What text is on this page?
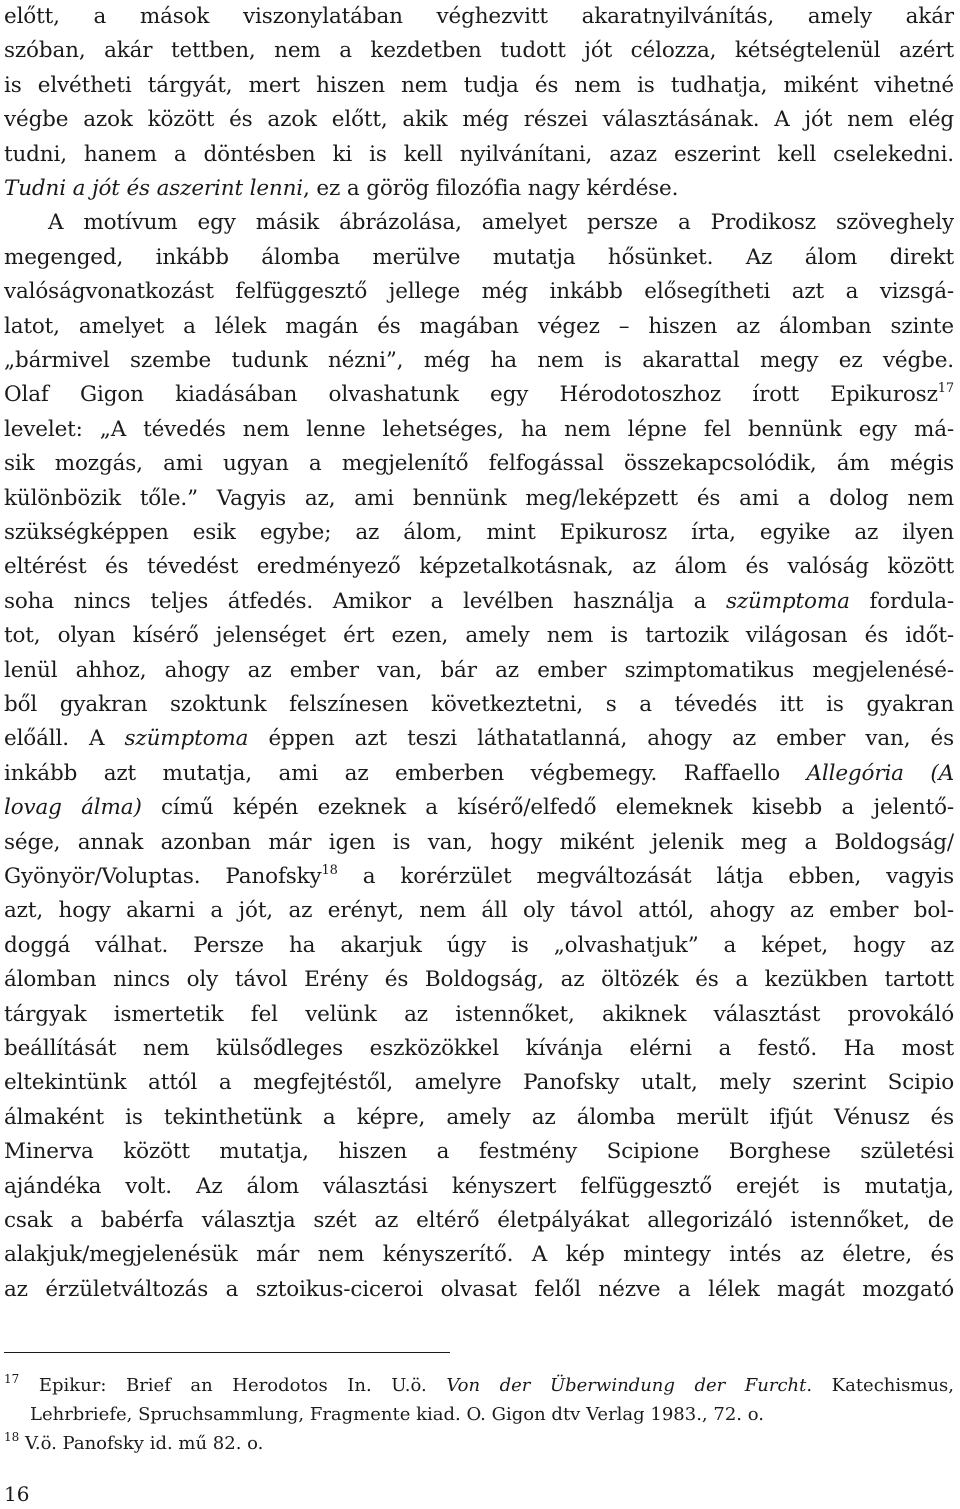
előtt, a mások viszonylatában véghezvitt akaratnyilvánítás, amely akár
szóban, akár tettben, nem a kezdetben tudott jót célozza, kétségtelenül azért
is elvétheti tárgyát, mert hiszen nem tudja és nem is tudhatja, miként vihetné
végbe azok között és azok előtt, akik még részei választásának. A jót nem elég
tudni, hanem a döntésben ki is kell nyilvánítani, azaz eszerint kell cselekedni.
Tudni a jót és aszerint lenni, ez a görög filozófia nagy kérdése.
A motívum egy másik ábrázolása, amelyet persze a Prodikosz szöveghely
megenged, inkább álomba merülve mutatja hősünket. Az álom direkt
valóságvonatkozást felfüggesztő jellege még inkább elősegítheti azt a vizsgá-
latot, amelyet a lélek magán és magában végez – hiszen az álomban szinte
„bármivel szembe tudunk nézni”, még ha nem is akarattal megy ez végbe.
Olaf Gigon kiadásában olvashatunk egy Hérodotoszhoz írott Epikurosz$^{17}$
levelet: „A tévedés nem lenne lehetséges, ha nem lépne fel bennünk egy má-
sik mozgás, ami ugyan a megjelenítő felfogással összekapcsolódik, ám mégis
különbözik tőle.” Vagyis az, ami bennünk meg/leképzett és ami a dolog nem
szükségképpen esik egybe; az álom, mint Epikurosz írta, egyike az ilyen
eltérést és tévedést eredményező képzetalkotásnak, az álom és valóság között
soha nincs teljes átfedés. Amikor a levélben használja a szümptoma fordula-
tot, olyan kísérő jelenséget ért ezen, amely nem is tartozik világosan és időt-
lenül ahhoz, ahogy az ember van, bár az ember szimptomatikus megjelenésé-
ből gyakran szoktunk felszínesen következtetni, s a tévedés itt is gyakran
előáll. A szümptoma éppen azt teszi láthatatlanná, ahogy az ember van, és
inkább azt mutatja, ami az emberben végbemegy. Raffaello Allegória (A
lovag álma) című képén ezeknek a kísérő/elfedő elemeknek kisebb a jelentő-
sége, annak azonban már igen is van, hogy miként jelenik meg a Boldogság/
Gyönyör/Voluptas. Panofsky$^{18}$ a korérzület megváltozását látja ebben, vagyis
azt, hogy akarni a jót, az erényt, nem áll oly távol attól, ahogy az ember bol-
doggá válhat. Persze ha akarjuk úgy is „olvashatjuk” a képet, hogy az
álomban nincs oly távol Erény és Boldogság, az öltözék és a kezükben tartott
tárgyak ismertetik fel velünk az istennőket, akiknek választást provokáló
beállítását nem külsődleges eszközökkel kívánja elérni a festő. Ha most
eltekintünk attól a megfejtéstől, amelyre Panofsky utalt, mely szerint Scipio
álmaként is tekinthetünk a képre, amely az álomba merült ifjút Vénusz és
Minerva között mutatja, hiszen a festmény Scipione Borghese születési
ajándéka volt. Az álom választási kényszert felfüggesztő erejét is mutatja,
csak a babérfa választja szét az eltérő életpályákat allegorizáló istennőket, de
alakjuk/megjelenésük már nem kényszerítő. A kép mintegy intés az életre, és
az érzületváltozás a sztoikus-ciceroi olvasat felől nézve a lélek magát mozgató
$^{17}$ Epikur: Brief an Herodotos In. U.ö. Von der Überwindung der Furcht. Katechismus,
Lehrbriefe, Spruchsammlung, Fragmente kiad. O. Gigon dtv Verlag 1983., 72. o.
$^{18}$ V.ö. Panofsky id. mű 82. o.
16
